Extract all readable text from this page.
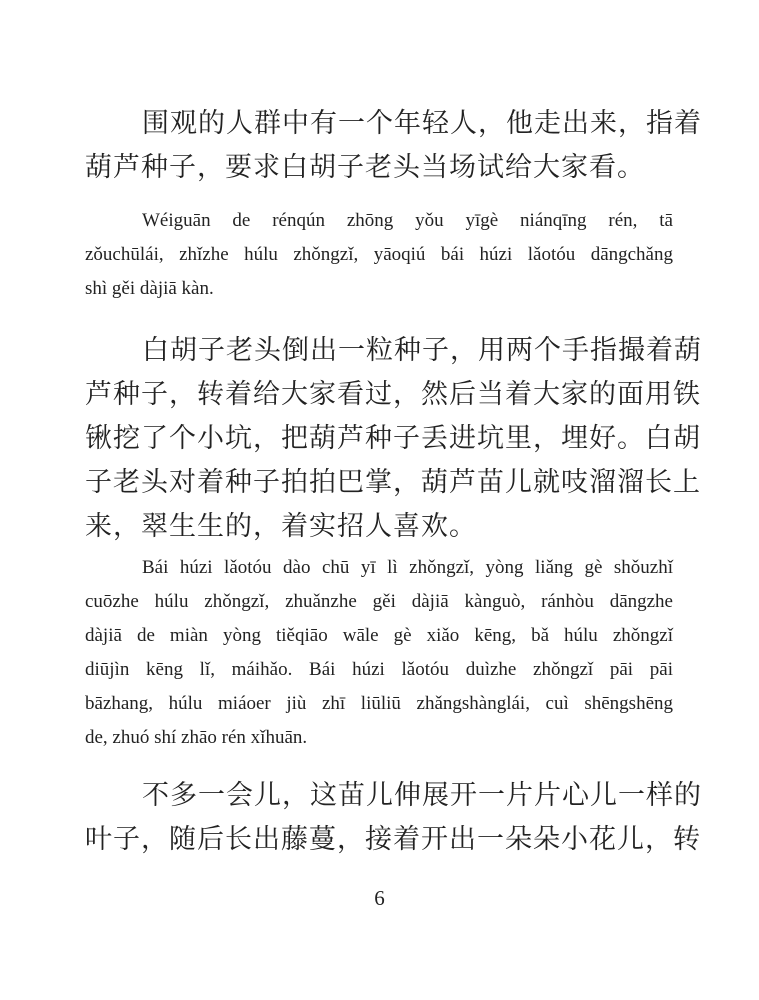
围观的人群中有一个年轻人，他走出来，指着
葫芦种子，要求白胡子老头当场试给大家看。
Wéiguān de rénqún zhōng yǒu yīgè niánqīng rén, tā
zǒuchūlái, zhǐzhe húlu zhǒngzǐ, yāoqiú bái húzi lǎotóu dāngchǎng
shì gěi dàjiā kàn.
白胡子老头倒出一粒种子，用两个手指撮着葫
芦种子，转着给大家看过，然后当着大家的面用铁
锹挖了个小坑，把葫芦种子丢进坑里，埋好。白胡
子老头对着种子拍拍巴掌，葫芦苗儿就吱溜溜长上
来，翠生生的，着实招人喜欢。
Bái húzi lǎotóu dào chū yī lì zhǒngzǐ, yòng liǎng gè shǒuzhǐ
cuōzhe húlu zhǒngzǐ, zhuǎnzhe gěi dàjiā kànguò, ránhòu dāngzhe
dàjiā de miàn yòng tiěqiāo wāle gè xiǎo kēng, bǎ húlu zhǒngzǐ
diūjìn kēng lǐ, máihǎo. Bái húzi lǎotóu duìzhe zhǒngzǐ pāi pāi
bāzhang, húlu miáoer jiù zhī liūliū zhǎngshànglái, cuì shēngshēng
de, zhuó shí zhāo rén xǐhuān.
不多一会儿，这苗儿伸展开一片片心儿一样的
叶子，随后长出藤蔓，接着开出一朵朵小花儿，转
6
